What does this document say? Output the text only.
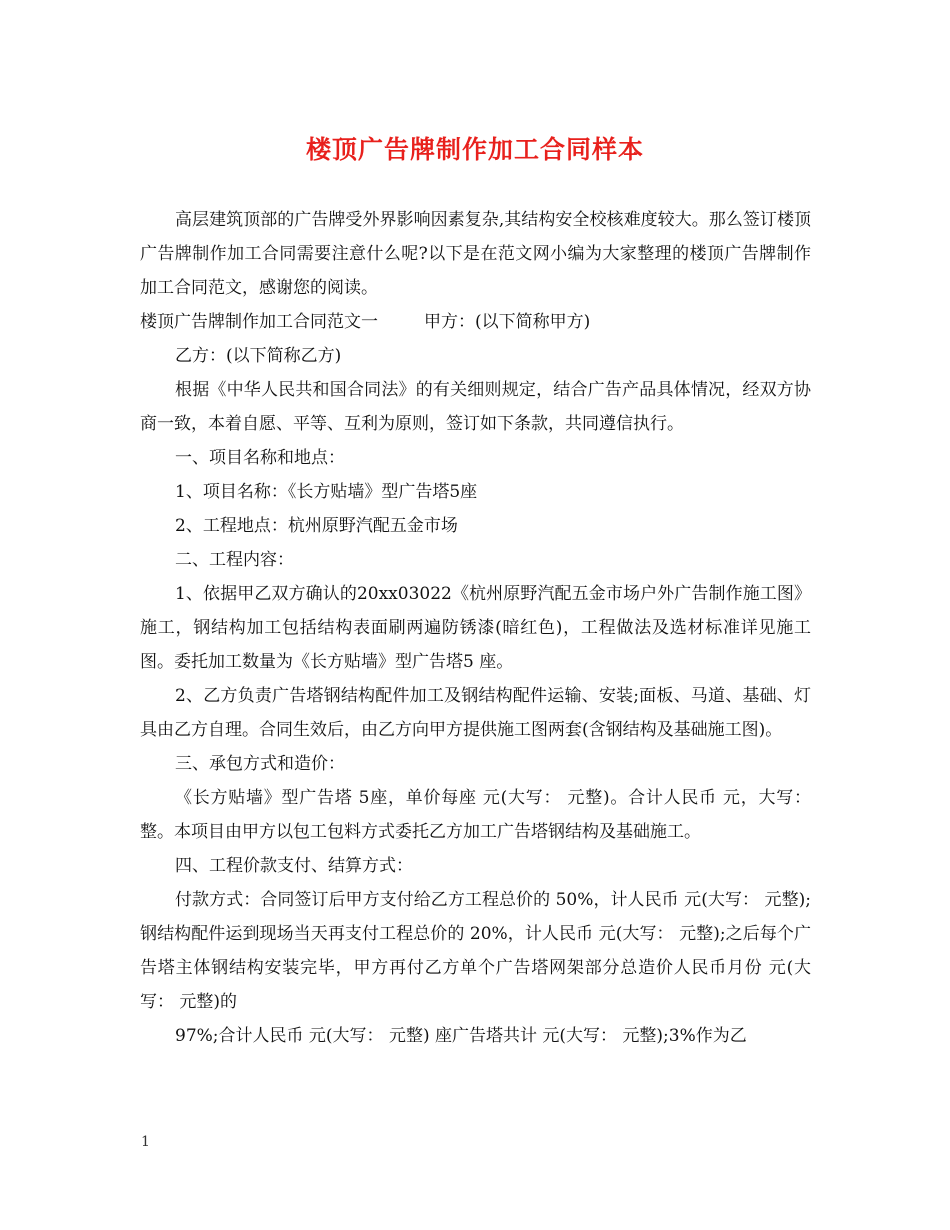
楼顶广告牌制作加工合同样本

高层建筑顶部的广告牌受外界影响因素复杂,其结构安全校核难度较大。那么签订楼顶广告牌制作加工合同需要注意什么呢?以下是在范文网小编为大家整理的楼顶广告牌制作加工合同范文，感谢您的阅读。

楼顶广告牌制作加工合同范文一	甲方：(以下简称甲方)

乙方：(以下简称乙方)

根据《中华人民共和国合同法》的有关细则规定，结合广告产品具体情况，经双方协商一致，本着自愿、平等、互利为原则，签订如下条款，共同遵信执行。

一、项目名称和地点：

1、项目名称：《长方贴墙》型广告塔5座

2、工程地点：杭州原野汽配五金市场

二、工程内容：

1、依据甲乙双方确认的20xx03022《杭州原野汽配五金市场户外广告制作施工图》施工，钢结构加工包括结构表面刷两遍防锈漆(暗红色)，工程做法及选材标准详见施工图。委托加工数量为《长方贴墙》型广告塔5 座。

2、乙方负责广告塔钢结构配件加工及钢结构配件运输、安装;面板、马道、基础、灯具由乙方自理。合同生效后，由乙方向甲方提供施工图两套(含钢结构及基础施工图)。

三、承包方式和造价：

《长方贴墙》型广告塔 5座，单价每座 元(大写： 元整)。合计人民币 元，大写： 整。本项目由甲方以包工包料方式委托乙方加工广告塔钢结构及基础施工。

四、工程价款支付、结算方式：

付款方式：合同签订后甲方支付给乙方工程总价的 50%，计人民币 元(大写： 元整);钢结构配件运到现场当天再支付工程总价的 20%，计人民币 元(大写： 元整);之后每个广告塔主体钢结构安装完毕，甲方再付乙方单个广告塔网架部分总造价人民币月份 元(大写： 元整)的

97%;合计人民币 元(大写： 元整) 座广告塔共计 元(大写： 元整);3%作为乙

1
